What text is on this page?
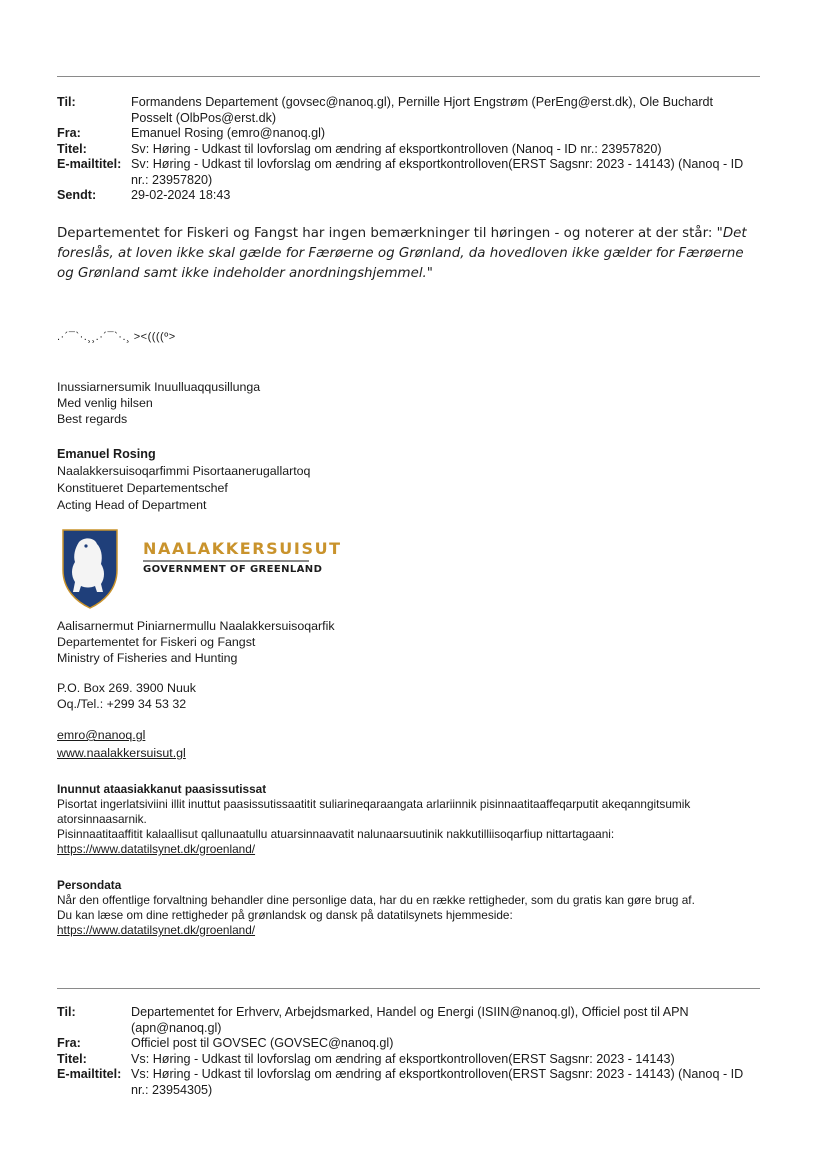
Til:	Formandens Departement (govsec@nanoq.gl), Pernille Hjort Engstrøm (PerEng@erst.dk), Ole Buchardt Posselt (OlbPos@erst.dk)
Fra:	Emanuel Rosing (emro@nanoq.gl)
Titel:	Sv: Høring - Udkast til lovforslag om ændring af eksportkontrolloven (Nanoq - ID nr.: 23957820)
E-mailtitel: Sv: Høring - Udkast til lovforslag om ændring af eksportkontrolloven(ERST Sagsnr: 2023 - 14143) (Nanoq - ID nr.: 23957820)
Sendt:	29-02-2024 18:43
Departementet for Fiskeri og Fangst har ingen bemærkninger til høringen - og noterer at der står: "Det foreslås, at loven ikke skal gælde for Færøerne og Grønland, da hovedloven ikke gælder for Færøerne og Grønland samt ikke indeholder anordningshjemmel."
.·´¯`·.¸¸.·´¯`·.¸ ><((((º>
Inussiarnersumik Inuulluaqqusillunga
Med venlig hilsen
Best regards
Emanuel Rosing
Naalakkersuisoqarfimmi Pisortaanerugallartoq
Konstitueret Departementschef
Acting Head of Department
NAALAKKERSUISUT
GOVERNMENT OF GREENLAND
Aalisarnermut Piniarnermullu Naalakkersuisoqarfik
Departementet for Fiskeri og Fangst
Ministry of Fisheries and Hunting
P.O. Box 269. 3900 Nuuk
Oq./Tel.: +299 34 53 32
emro@nanoq.gl
www.naalakkersuisut.gl
Inunnut ataasiakkanut paasissutissat
Pisortat ingerlatsiviini illit inuttut paasissutissaatitit suliarineqaraangata arlariinnik pisinnaatitaaffeqarputit akeqanngitsumik atorsinnaasarnik.
Pisinnaatitaaffitit kalaallisut qallunaatullu atuarsinnaavatit nalunaarsuutinik nakkutilliisoqarfiup nittartagaani:
https://www.datatilsynet.dk/groenland/
Persondata
Når den offentlige forvaltning behandler dine personlige data, har du en række rettigheder, som du gratis kan gøre brug af.
Du kan læse om dine rettigheder på grønlandsk og dansk på datatilsynets hjemmeside:
https://www.datatilsynet.dk/groenland/
Til:	Departementet for Erhverv, Arbejdsmarked, Handel og Energi (ISIIN@nanoq.gl), Officiel post til APN (apn@nanoq.gl)
Fra:	Officiel post til GOVSEC (GOVSEC@nanoq.gl)
Titel:	Vs: Høring - Udkast til lovforslag om ændring af eksportkontrolloven(ERST Sagsnr: 2023 - 14143)
E-mailtitel: Vs: Høring - Udkast til lovforslag om ændring af eksportkontrolloven(ERST Sagsnr: 2023 - 14143) (Nanoq - ID nr.: 23954305)
